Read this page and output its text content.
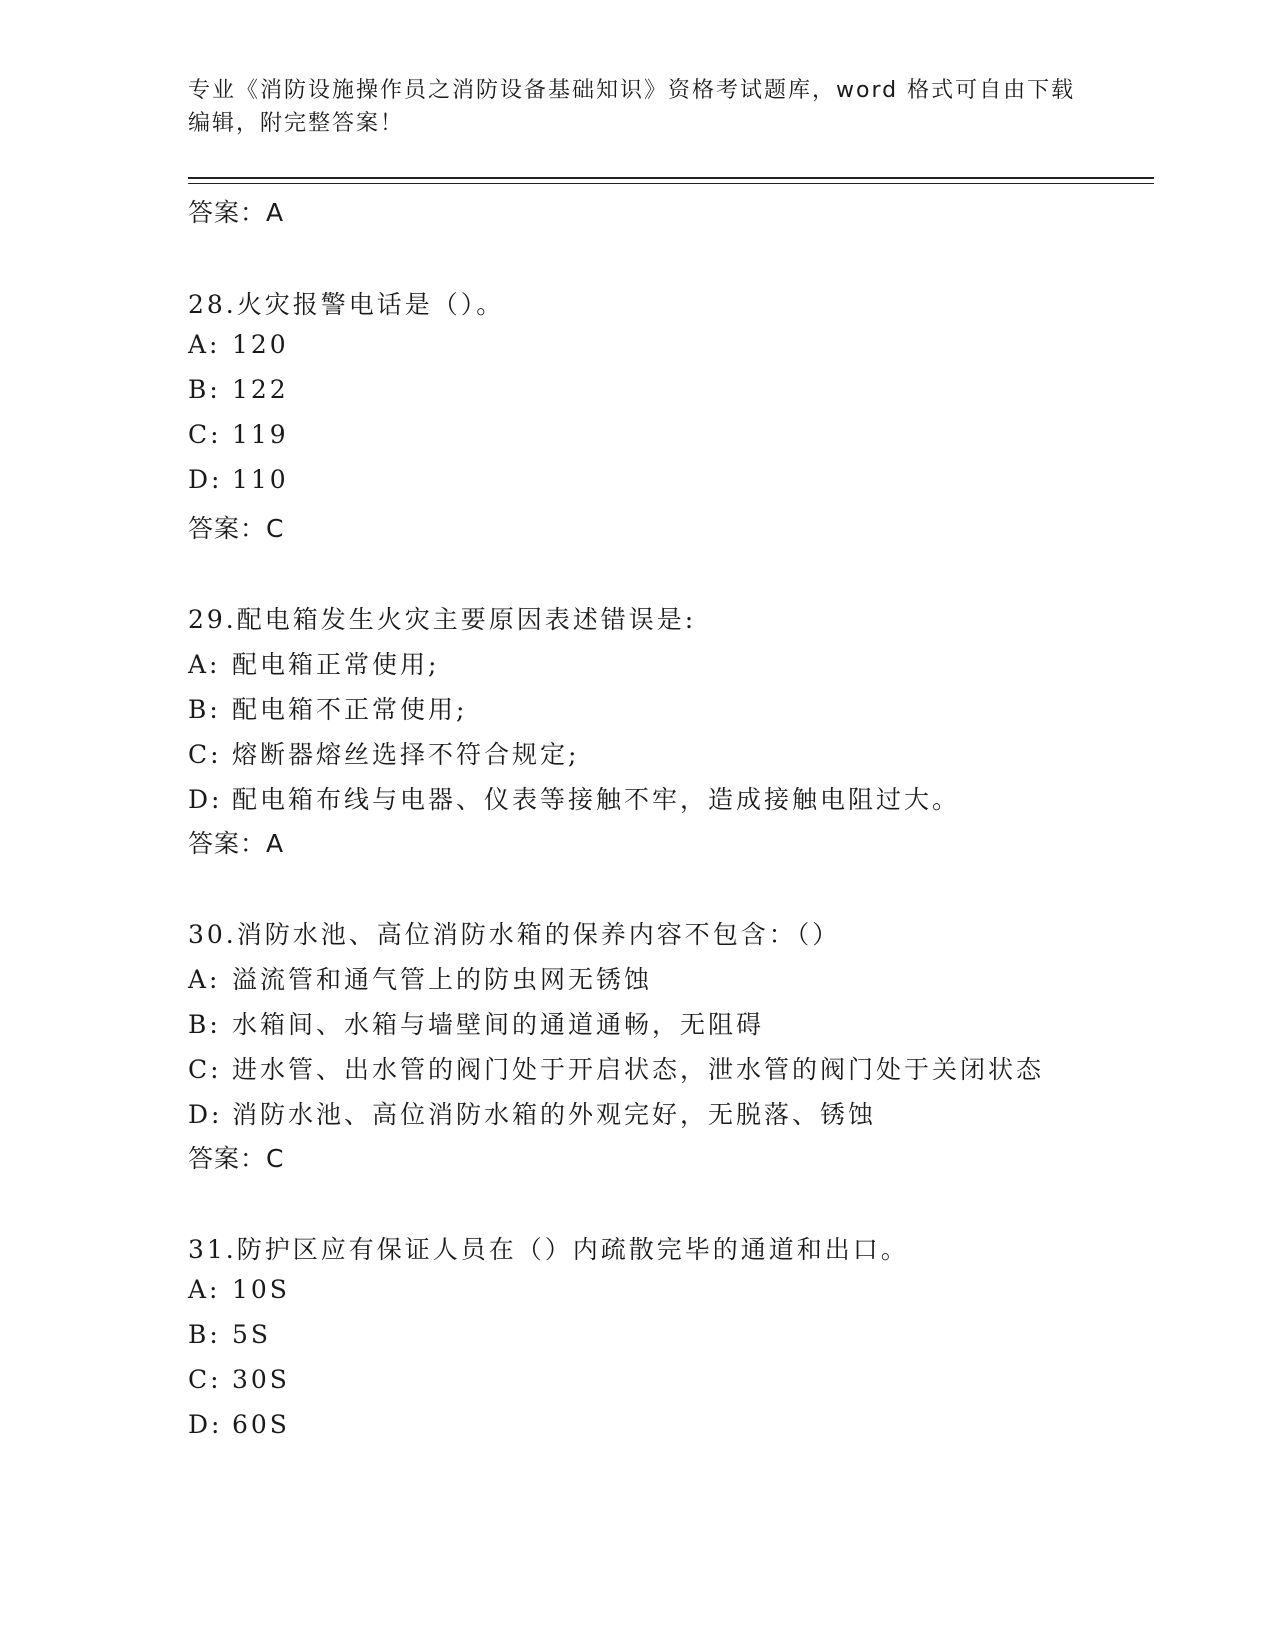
专业《消防设施操作员之消防设备基础知识》资格考试题库，word 格式可自由下载编辑，附完整答案！
答案：A
28.火灾报警电话是（）。
A: 120
B: 122
C: 119
D: 110
答案：C
29.配电箱发生火灾主要原因表述错误是:
A: 配电箱正常使用;
B: 配电箱不正常使用;
C: 熔断器熔丝选择不符合规定;
D: 配电箱布线与电器、仪表等接触不牢，造成接触电阻过大。
答案：A
30.消防水池、高位消防水箱的保养内容不包含：（）
A: 溢流管和通气管上的防虫网无锈蚀
B: 水箱间、水箱与墙壁间的通道通畅，无阻碍
C: 进水管、出水管的阀门处于开启状态，泄水管的阀门处于关闭状态
D: 消防水池、高位消防水箱的外观完好，无脱落、锈蚀
答案：C
31.防护区应有保证人员在（）内疏散完毕的通道和出口。
A: 10S
B: 5S
C: 30S
D: 60S
